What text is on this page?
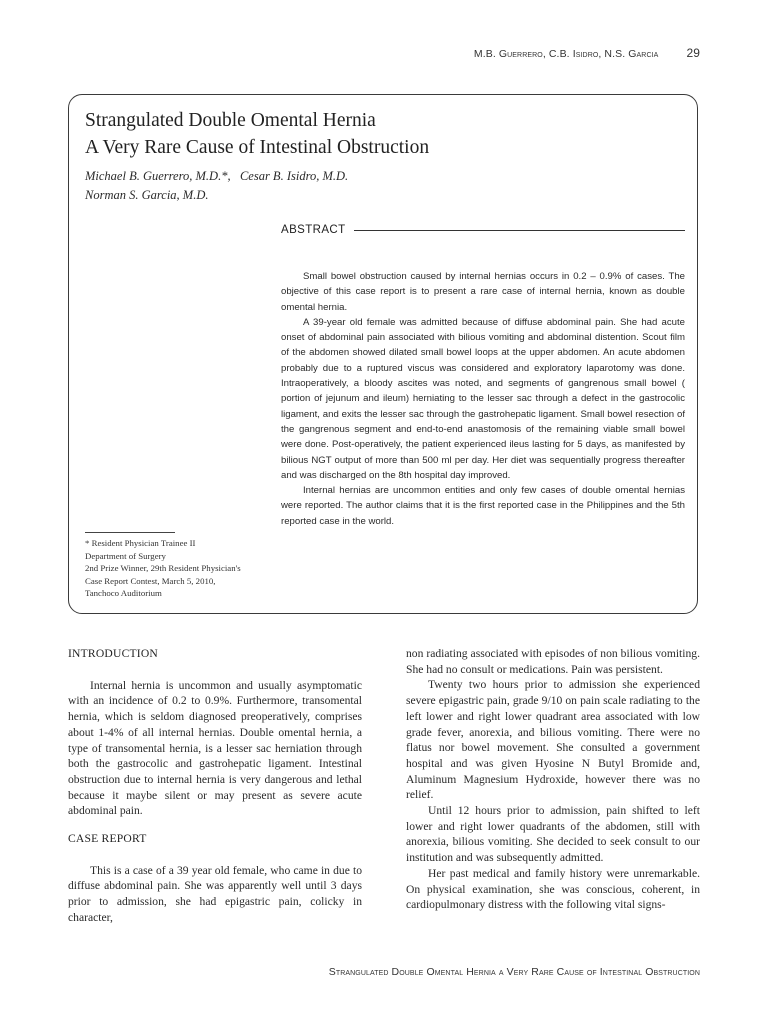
M.B. Guerrero, C.B. Isidro, N.S. Garcia 29
Strangulated Double Omental Hernia
A Very Rare Cause of Intestinal Obstruction
Michael B. Guerrero, M.D.*,   Cesar B. Isidro, M.D.
Norman S. Garcia, M.D.
ABSTRACT

Small bowel obstruction caused by internal hernias occurs in 0.2 – 0.9% of cases. The objective of this case report is to present a rare case of internal hernia, known as double omental hernia.

A 39-year old female was admitted because of diffuse abdominal pain. She had acute onset of abdominal pain associated with bilious vomiting and abdominal distention. Scout film of the abdomen showed dilated small bowel loops at the upper abdomen. An acute abdomen probably due to a ruptured viscus was considered and exploratory laparotomy was done. Intraoperatively, a bloody ascites was noted, and segments of gangrenous small bowel ( portion of jejunum and ileum) herniating to the lesser sac through a defect in the gastrocolic ligament, and exits the lesser sac through the gastrohepatic ligament. Small bowel resection of the gangrenous segment and end-to-end anastomosis of the remaining viable small bowel were done. Post-operatively, the patient experienced ileus lasting for 5 days, as manifested by bilious NGT output of more than 500 ml per day. Her diet was sequentially progress thereafter and was discharged on the 8th hospital day improved.

Internal hernias are uncommon entities and only few cases of double omental hernias were reported. The author claims that it is the first reported case in the Philippines and the 5th reported case in the world.

* Resident Physician Trainee II
Department of Surgery
2nd Prize Winner, 29th Resident Physician's
Case Report Contest, March 5, 2010,
Tanchoco Auditorium
INTRODUCTION

Internal hernia is uncommon and usually asymptomatic with an incidence of 0.2 to 0.9%. Furthermore, transomental hernia, which is seldom diagnosed preoperatively, comprises about 1-4% of all internal hernias. Double omental hernia, a type of transomental hernia, is a lesser sac herniation through both the gastrocolic and gastrohepatic ligament. Intestinal obstruction due to internal hernia is very dangerous and lethal because it maybe silent or may present as severe acute abdominal pain.

CASE REPORT

This is a case of a 39 year old female, who came in due to diffuse abdominal pain. She was apparently well until 3 days prior to admission, she had epigastric pain, colicky in character,

non radiating associated with episodes of non bilious vomiting. She had no consult or medications. Pain was persistent.

Twenty two hours prior to admission she experienced severe epigastric pain, grade 9/10 on pain scale radiating to the left lower and right lower quadrant area associated with low grade fever, anorexia, and bilious vomiting. There were no flatus nor bowel movement. She consulted a government hospital and was given Hyosine N Butyl Bromide and, Aluminum Magnesium Hydroxide, however there was no relief.

Until 12 hours prior to admission, pain shifted to left lower and right lower quadrants of the abdomen, still with anorexia, bilious vomiting. She decided to seek consult to our institution and was subsequently admitted.

Her past medical and family history were unremarkable. On physical examination, she was conscious, coherent, in cardiopulmonary distress with the following vital signs-

Strangulated Double Omental Hernia a Very Rare Cause of Intestinal Obstruction
